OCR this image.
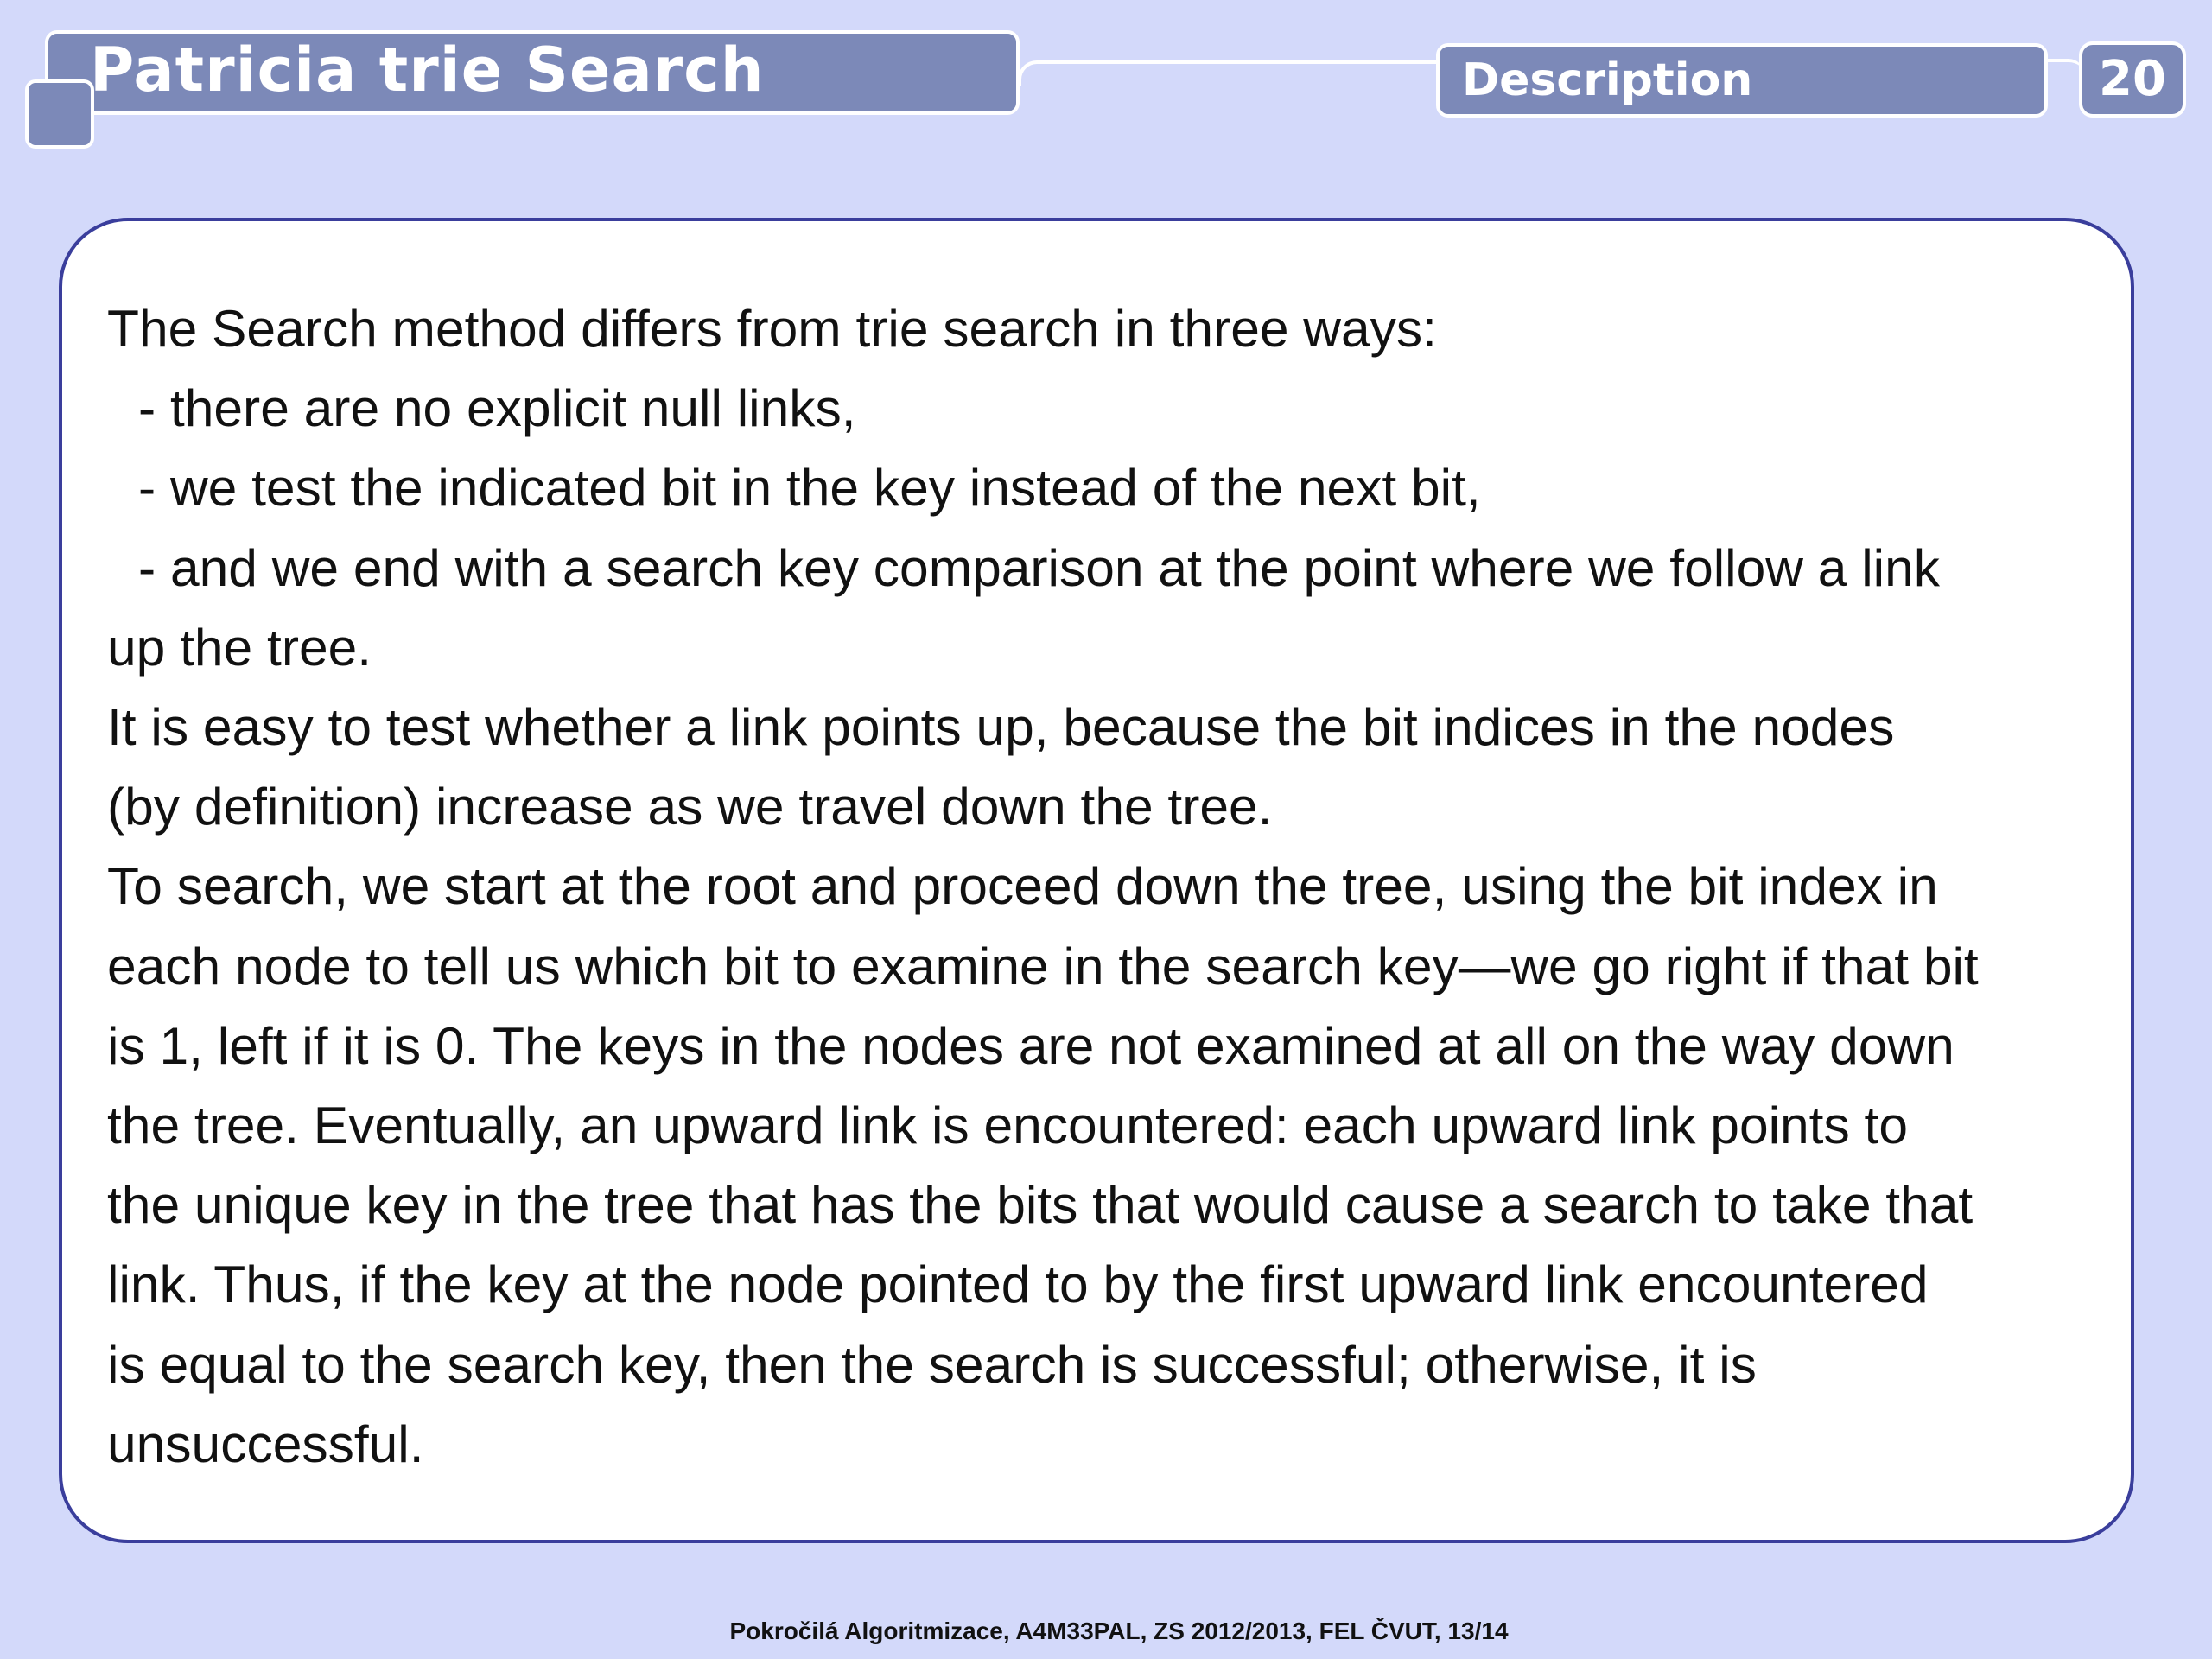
Patricia trie Search	Description	20
The Search method differs from trie search in three ways:
- there are no explicit null links,
- we test the indicated bit in the key instead of the next bit,
- and we end with a search key comparison at the point where we follow a link
up the tree.
It is easy to test whether a link points up, because the bit indices in the nodes
(by definition) increase as we travel down the tree.
To search, we start at the root and proceed down the tree, using the bit index in
each node to tell us which bit to examine in the search key—we go right if that bit
is 1, left if it is 0. The keys in the nodes are not examined at all on the way down
the tree. Eventually, an upward link is encountered: each upward link points to
the unique key in the tree that has the bits that would cause a search to take that
link. Thus, if the key at the node pointed to by the first upward link encountered
is equal to the search key, then the search is successful; otherwise, it is
unsuccessful.
Pokročilá Algoritmizace, A4M33PAL, ZS 2012/2013, FEL ČVUT, 13/14
